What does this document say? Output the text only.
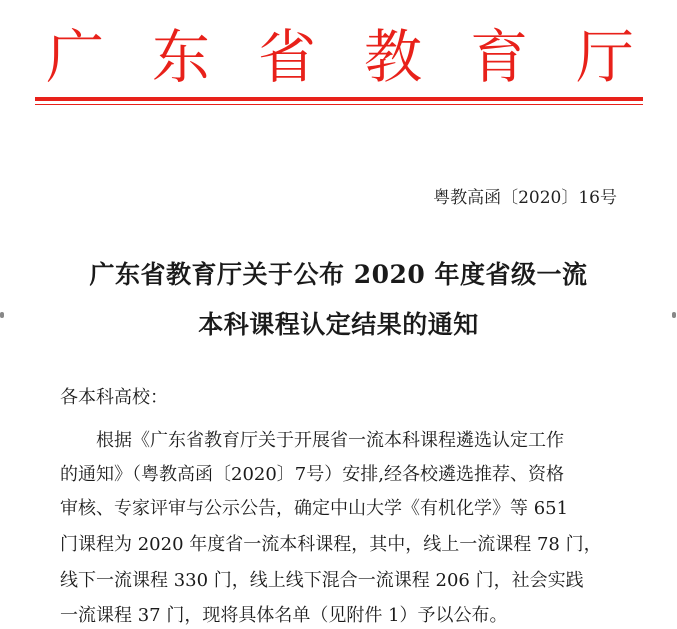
广 东 省 教 育 厅
粤教高函〔2020〕16号
广东省教育厅关于公布 2020 年度省级一流
本科课程认定结果的通知
各本科高校：
根据《广东省教育厅关于开展省一流本科课程遴选认定工作
的通知》（粤教高函〔2020〕7号）安排,经各校遴选推荐、资格
审核、专家评审与公示公告，确定中山大学《有机化学》等 651
门课程为 2020 年度省一流本科课程，其中，线上一流课程 78 门，
线下一流课程 330 门，线上线下混合一流课程 206 门，社会实践
一流课程 37 门，现将具体名单（见附件 1）予以公布。
